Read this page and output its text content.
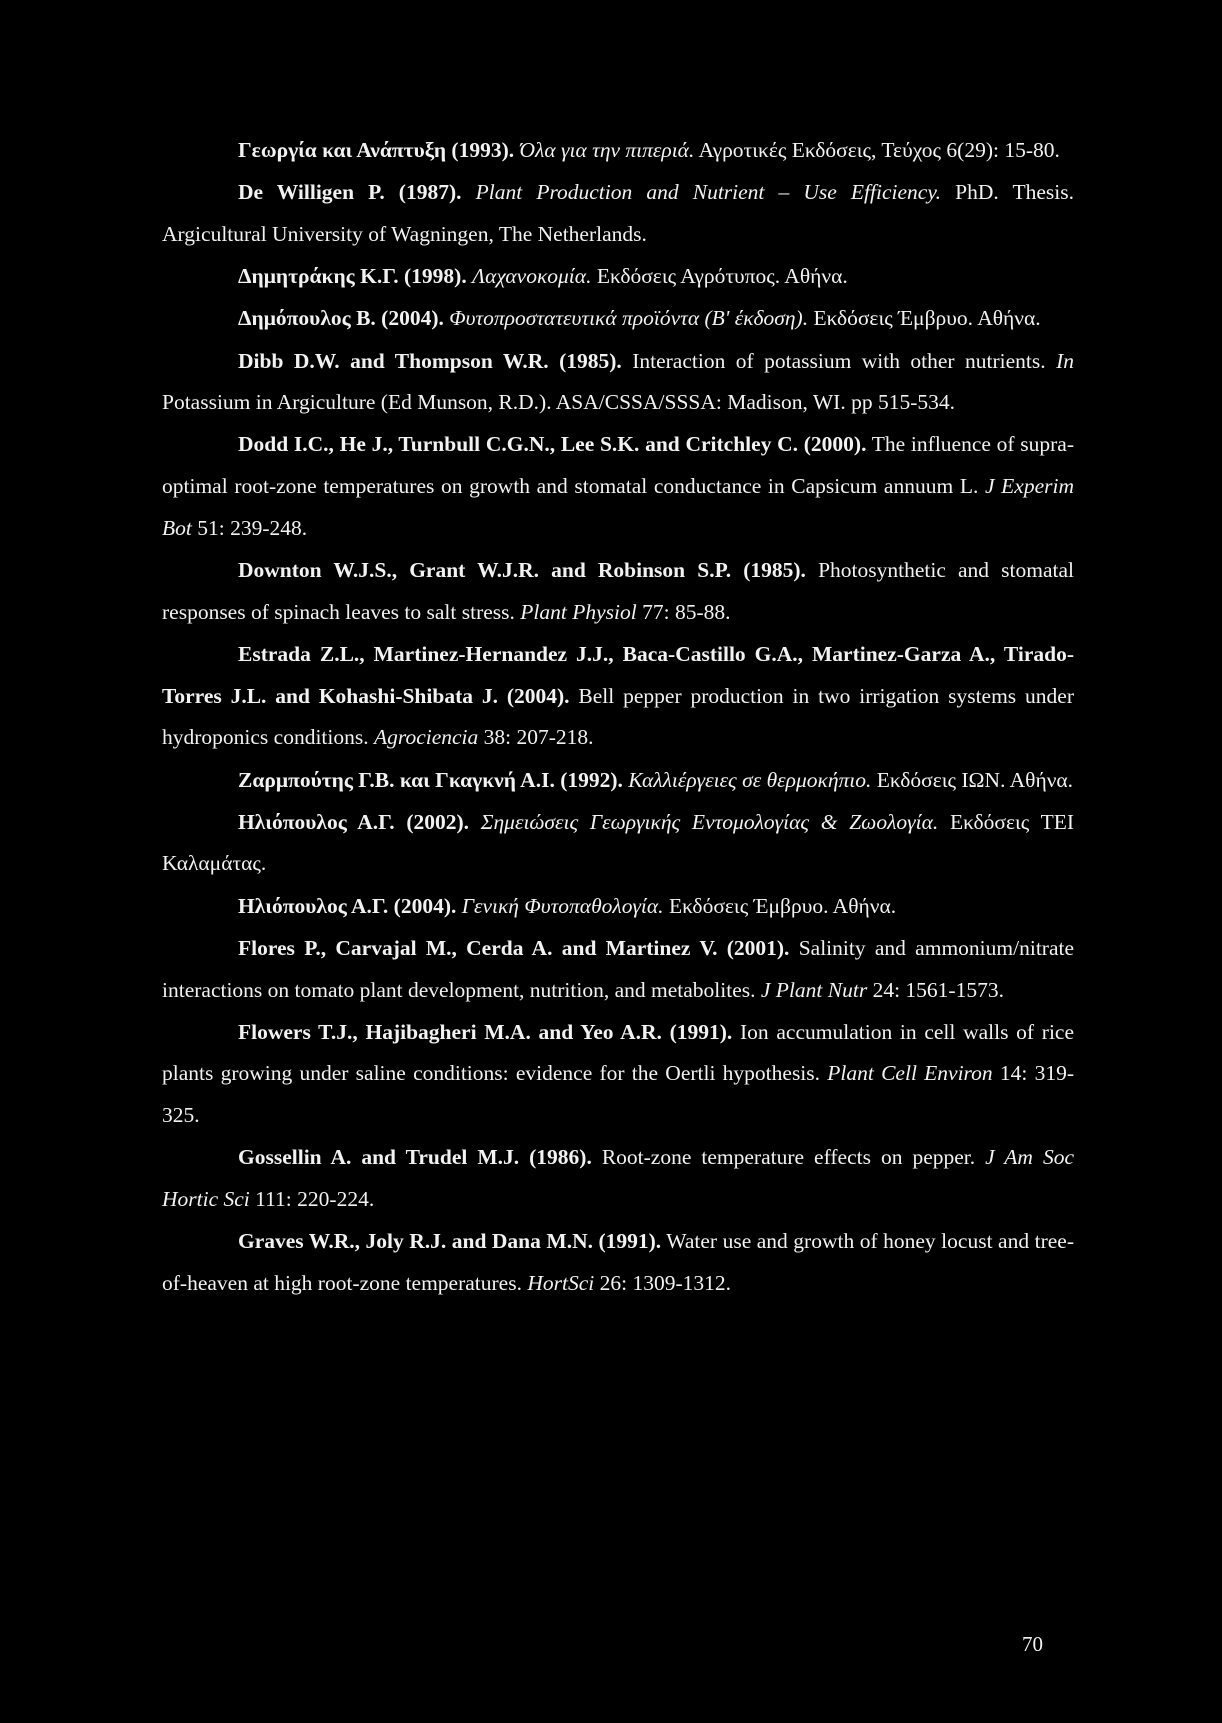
Γεωργία και Ανάπτυξη (1993). Όλα για την πιπεριά. Αγροτικές Εκδόσεις, Τεύχος 6(29): 15-80.

De Willigen P. (1987). Plant Production and Nutrient – Use Efficiency. PhD. Thesis. Argicultural University of Wagningen, The Netherlands.

Δημητράκης Κ.Γ. (1998). Λαχανοκομία. Εκδόσεις Αγρότυπος. Αθήνα.

Δημόπουλος Β. (2004). Φυτοπροστατευτικά προϊόντα (Β' έκδοση). Εκδόσεις Έμβρυο. Αθήνα.

Dibb D.W. and Thompson W.R. (1985). Interaction of potassium with other nutrients. In Potassium in Argiculture (Ed Munson, R.D.). ASA/CSSA/SSSA: Madison, WI. pp 515-534.

Dodd I.C., He J., Turnbull C.G.N., Lee S.K. and Critchley C. (2000). The influence of supra-optimal root-zone temperatures on growth and stomatal conductance in Capsicum annuum L. J Experim Bot 51: 239-248.

Downton W.J.S., Grant W.J.R. and Robinson S.P. (1985). Photosynthetic and stomatal responses of spinach leaves to salt stress. Plant Physiol 77: 85-88.

Estrada Z.L., Martinez-Hernandez J.J., Baca-Castillo G.A., Martinez-Garza A., Tirado-Torres J.L. and Kohashi-Shibata J. (2004). Bell pepper production in two irrigation systems under hydroponics conditions. Agrociencia 38: 207-218.

Ζαρμπούτης Γ.Β. και Γκαγκνή Α.Ι. (1992). Καλλιέργειες σε θερμοκήπιο. Εκδόσεις ΙΩΝ. Αθήνα.

Ηλιόπουλος Α.Γ. (2002). Σημειώσεις Γεωργικής Εντομολογίας & Ζωολογία. Εκδόσεις ΤΕΙ Καλαμάτας.

Ηλιόπουλος Α.Γ. (2004). Γενική Φυτοπαθολογία. Εκδόσεις Έμβρυο. Αθήνα.

Flores P., Carvajal M., Cerda A. and Martinez V. (2001). Salinity and ammonium/nitrate interactions on tomato plant development, nutrition, and metabolites. J Plant Nutr 24: 1561-1573.

Flowers T.J., Hajibagheri M.A. and Yeo A.R. (1991). Ion accumulation in cell walls of rice plants growing under saline conditions: evidence for the Oertli hypothesis. Plant Cell Environ 14: 319-325.

Gossellin A. and Trudel M.J. (1986). Root-zone temperature effects on pepper. J Am Soc Hortic Sci 111: 220-224.

Graves W.R., Joly R.J. and Dana M.N. (1991). Water use and growth of honey locust and tree-of-heaven at high root-zone temperatures. HortSci 26: 1309-1312.

70
